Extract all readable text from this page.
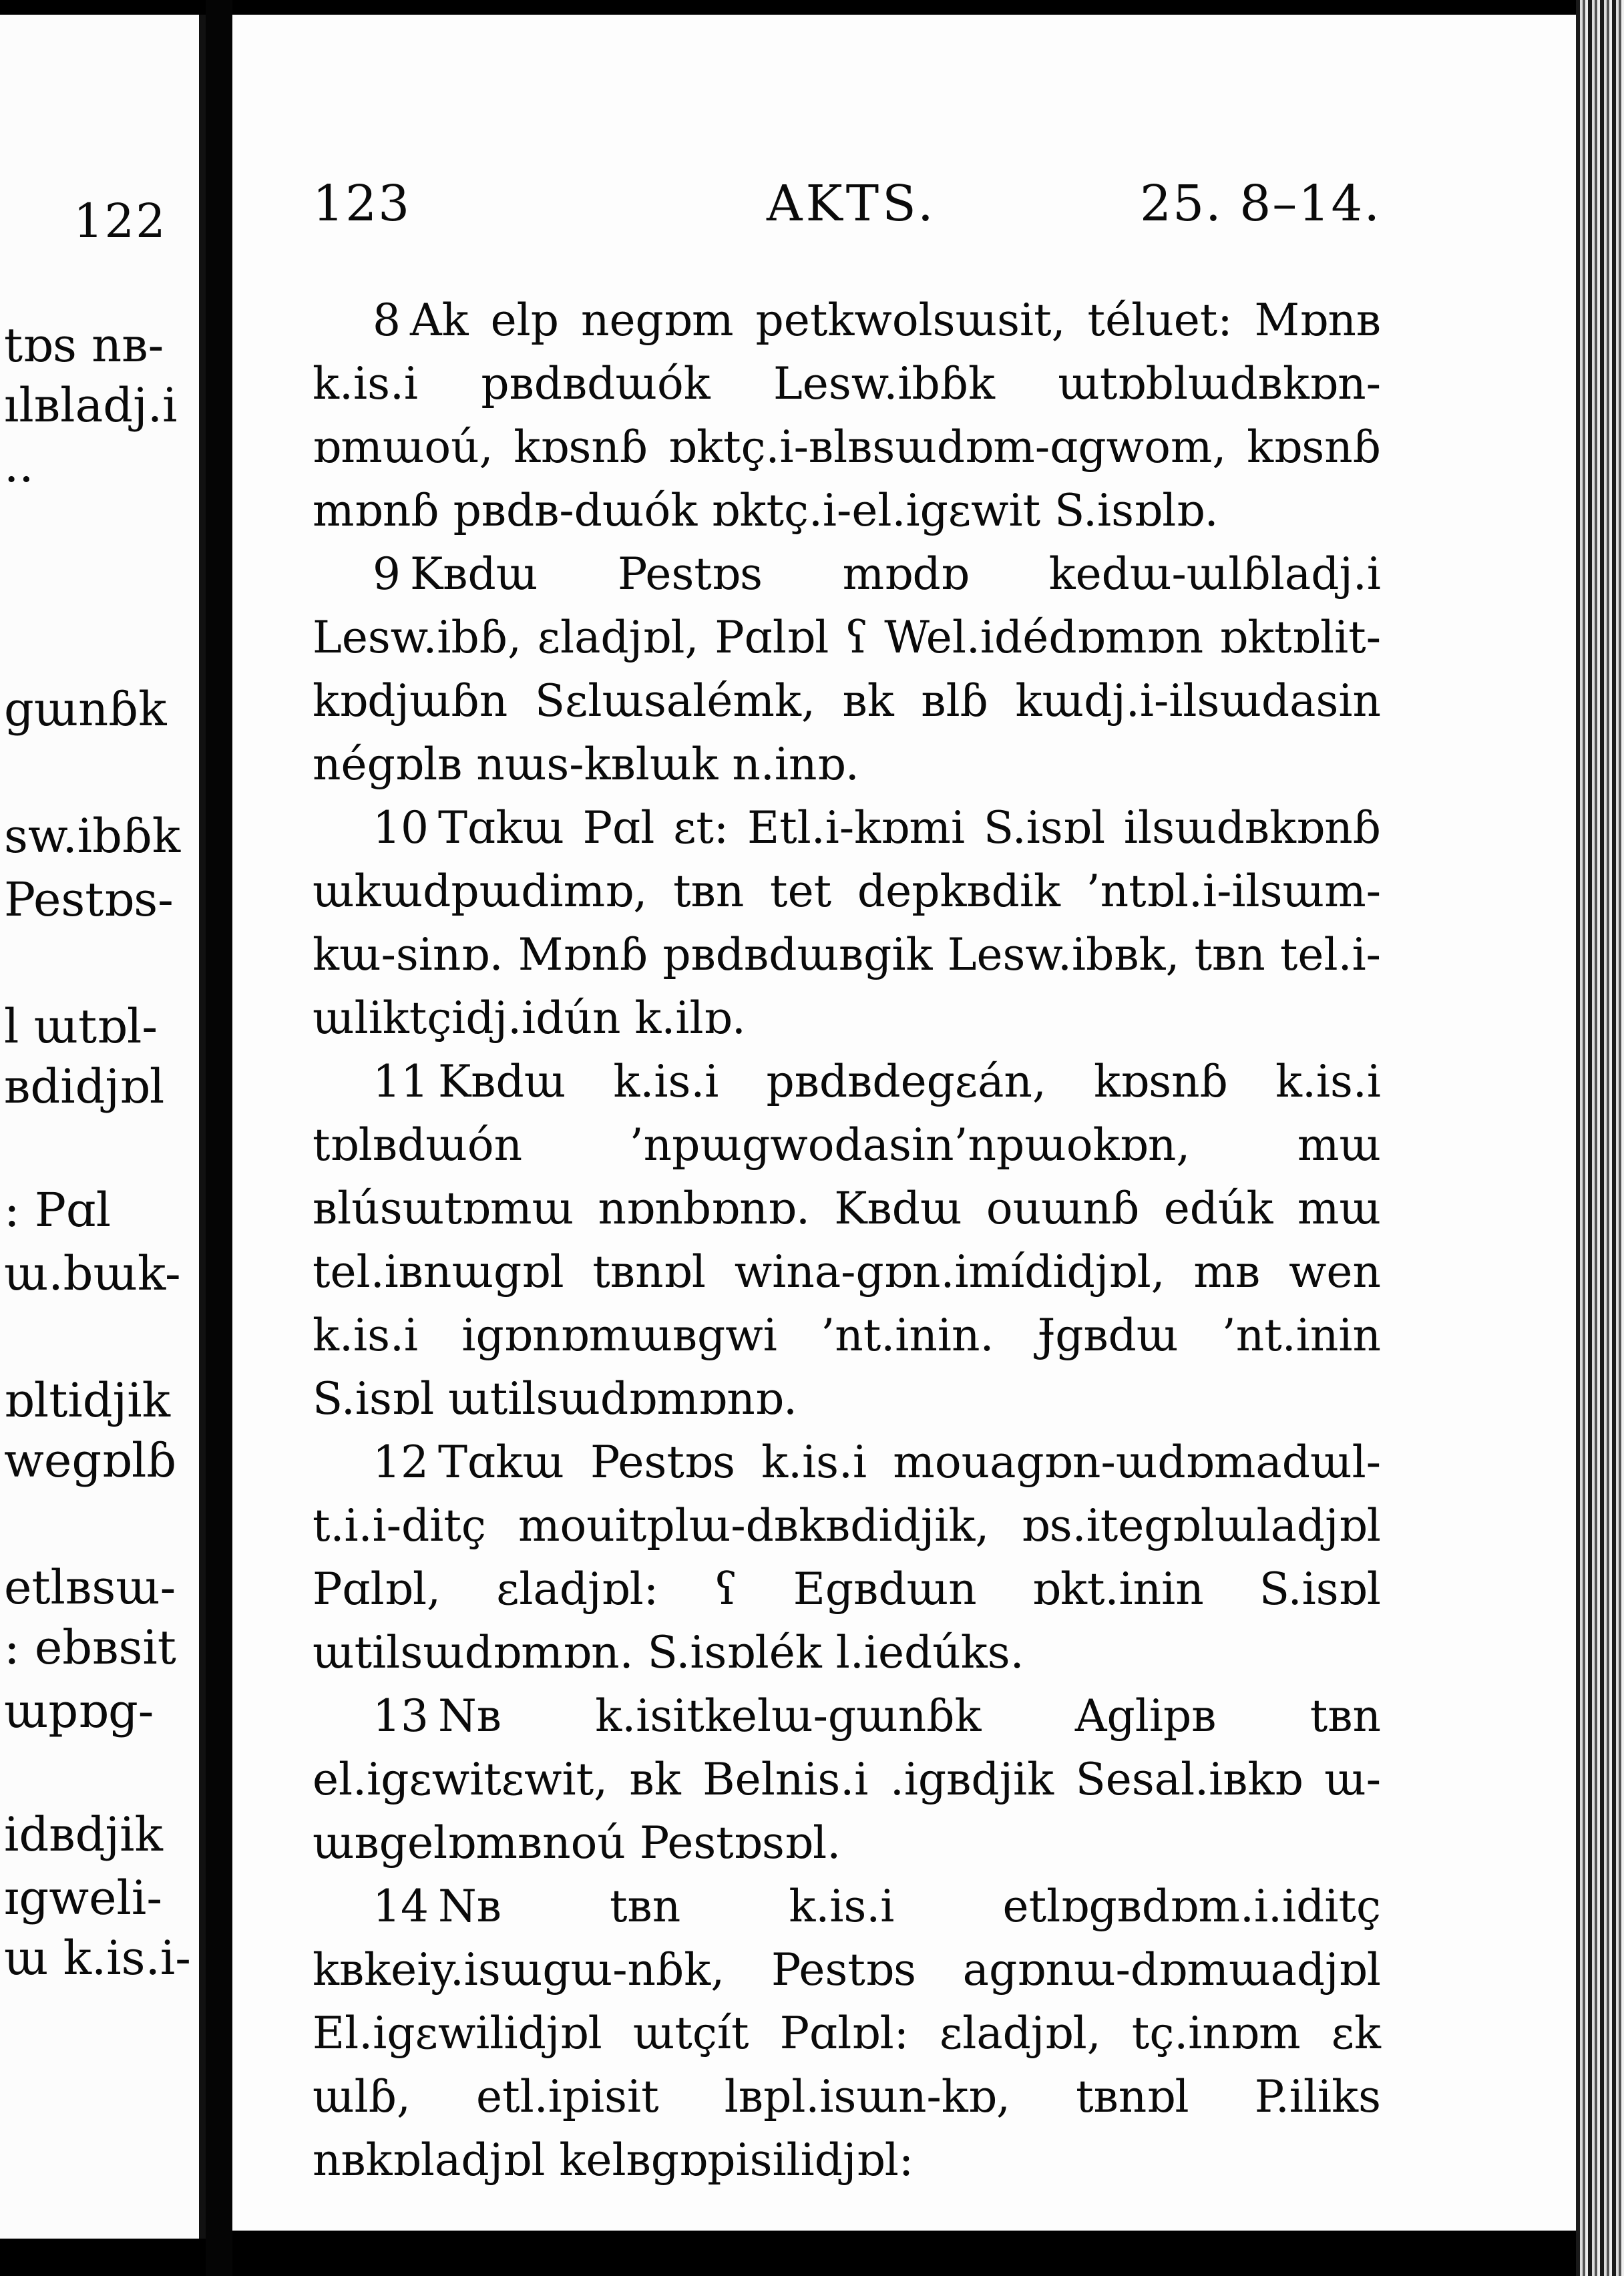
122
tɒs nʙ-
ılʙladj.i
..
gɯnɓk
sw.ibɓk
Pestɒs-
l ɯtɒl-
ʙdidjɒl
: Pɑl
ɯ.bɯk-
ɒltidjik
wegɒlɓ
etlʙsɯ-
: ebʙsit
ɯpɒg-
idʙdjik
ɪgweli-
ɯ k.is.i-
123	AKTS.	25. 8–14.

8 Ak elp negɒm petkwolsɯsit, téluet: Mɒnʙ k.is.i pʙdʙdɯók Lesw.ibɓk ɯtɒblɯdʙkɒn-ɒmɯoú, kɒsnɓ ɒktç.i-ʙlʙsɯdɒm-ɑgwom, kɒsnɓ mɒnɓ pʙdʙ-dɯók ɒktç.i-el.igɛwit S.isɒlɒ.

9 Kʙdɯ Pestɒs mɒdɒ kedɯ-ɯlɓladj.i Lesw.ibɓ, ɛladjɒl, Pɑlɒl ʕ Wel.idédɒmɒn ɒktɒlit-kɒdjɯɓn Sɛlɯsalémk, ʙk ʙlɓ kɯdj.i-ilsɯdasin négɒlʙ nɯs-kʙlɯk n.inɒ.

10 Tɑkɯ Pɑl ɛt: Etl.i-kɒmi S.isɒl ilsɯdʙkɒnɓ ɯkɯdpɯdimɒ, tʙn tet depkʙdik ’ntɒl.i-ilsɯm-kɯ-sinɒ. Mɒnɓ pʙdʙdɯʙgik Lesw.ibʙk, tʙn tel.i-ɯliktçidj.idún k.ilɒ.

11 Kʙdɯ k.is.i pʙdʙdegɛán, kɒsnɓ k.is.i tɒlʙdɯón ’npɯgwodasin’npɯokɒn, mɯ ʙlúsɯtɒmɯ nɒnbɒnɒ. Kʙdɯ ouɯnɓ edúk mɯ tel.iʙnɯgɒl tʙnɒl wina-gɒn.imídidjɒl, mʙ wen k.is.i igɒnɒmɯʙgwi ’nt.inin. Ɉgʙdɯ ’nt.inin S.isɒl ɯtilsɯdɒmɒnɒ.

12 Tɑkɯ Pestɒs k.is.i mouagɒn-ɯdɒmadɯl-t.i.i-ditç mouitplɯ-dʙkʙdidjik, ɒs.itegɒlɯladjɒl Pɑlɒl, ɛladjɒl: ʕ Egʙdɯn ɒkt.inin S.isɒl ɯtilsɯdɒmɒn. S.isɒlék l.iedúks.

13 Nʙ k.isitkelɯ-gɯnɓk Aglipʙ tʙn el.igɛwitɛwit, ʙk Belnis.i .igʙdjik Sesal.iʙkɒ ɯ-ɯʙgelɒmʙnoú Pestɒsɒl.

14 Nʙ tʙn k.is.i etlɒgʙdɒm.i.iditç kʙkeiy.isɯgɯ-nɓk, Pestɒs agɒnɯ-dɒmɯadjɒl El.igɛwilidjɒl ɯtçít Pɑlɒl: ɛladjɒl, tç.inɒm ɛk ɯlɓ, etl.ipisit lʙpl.isɯn-kɒ, tʙnɒl P.iliks nʙkɒladjɒl kelʙgɒpisilidjɒl:
